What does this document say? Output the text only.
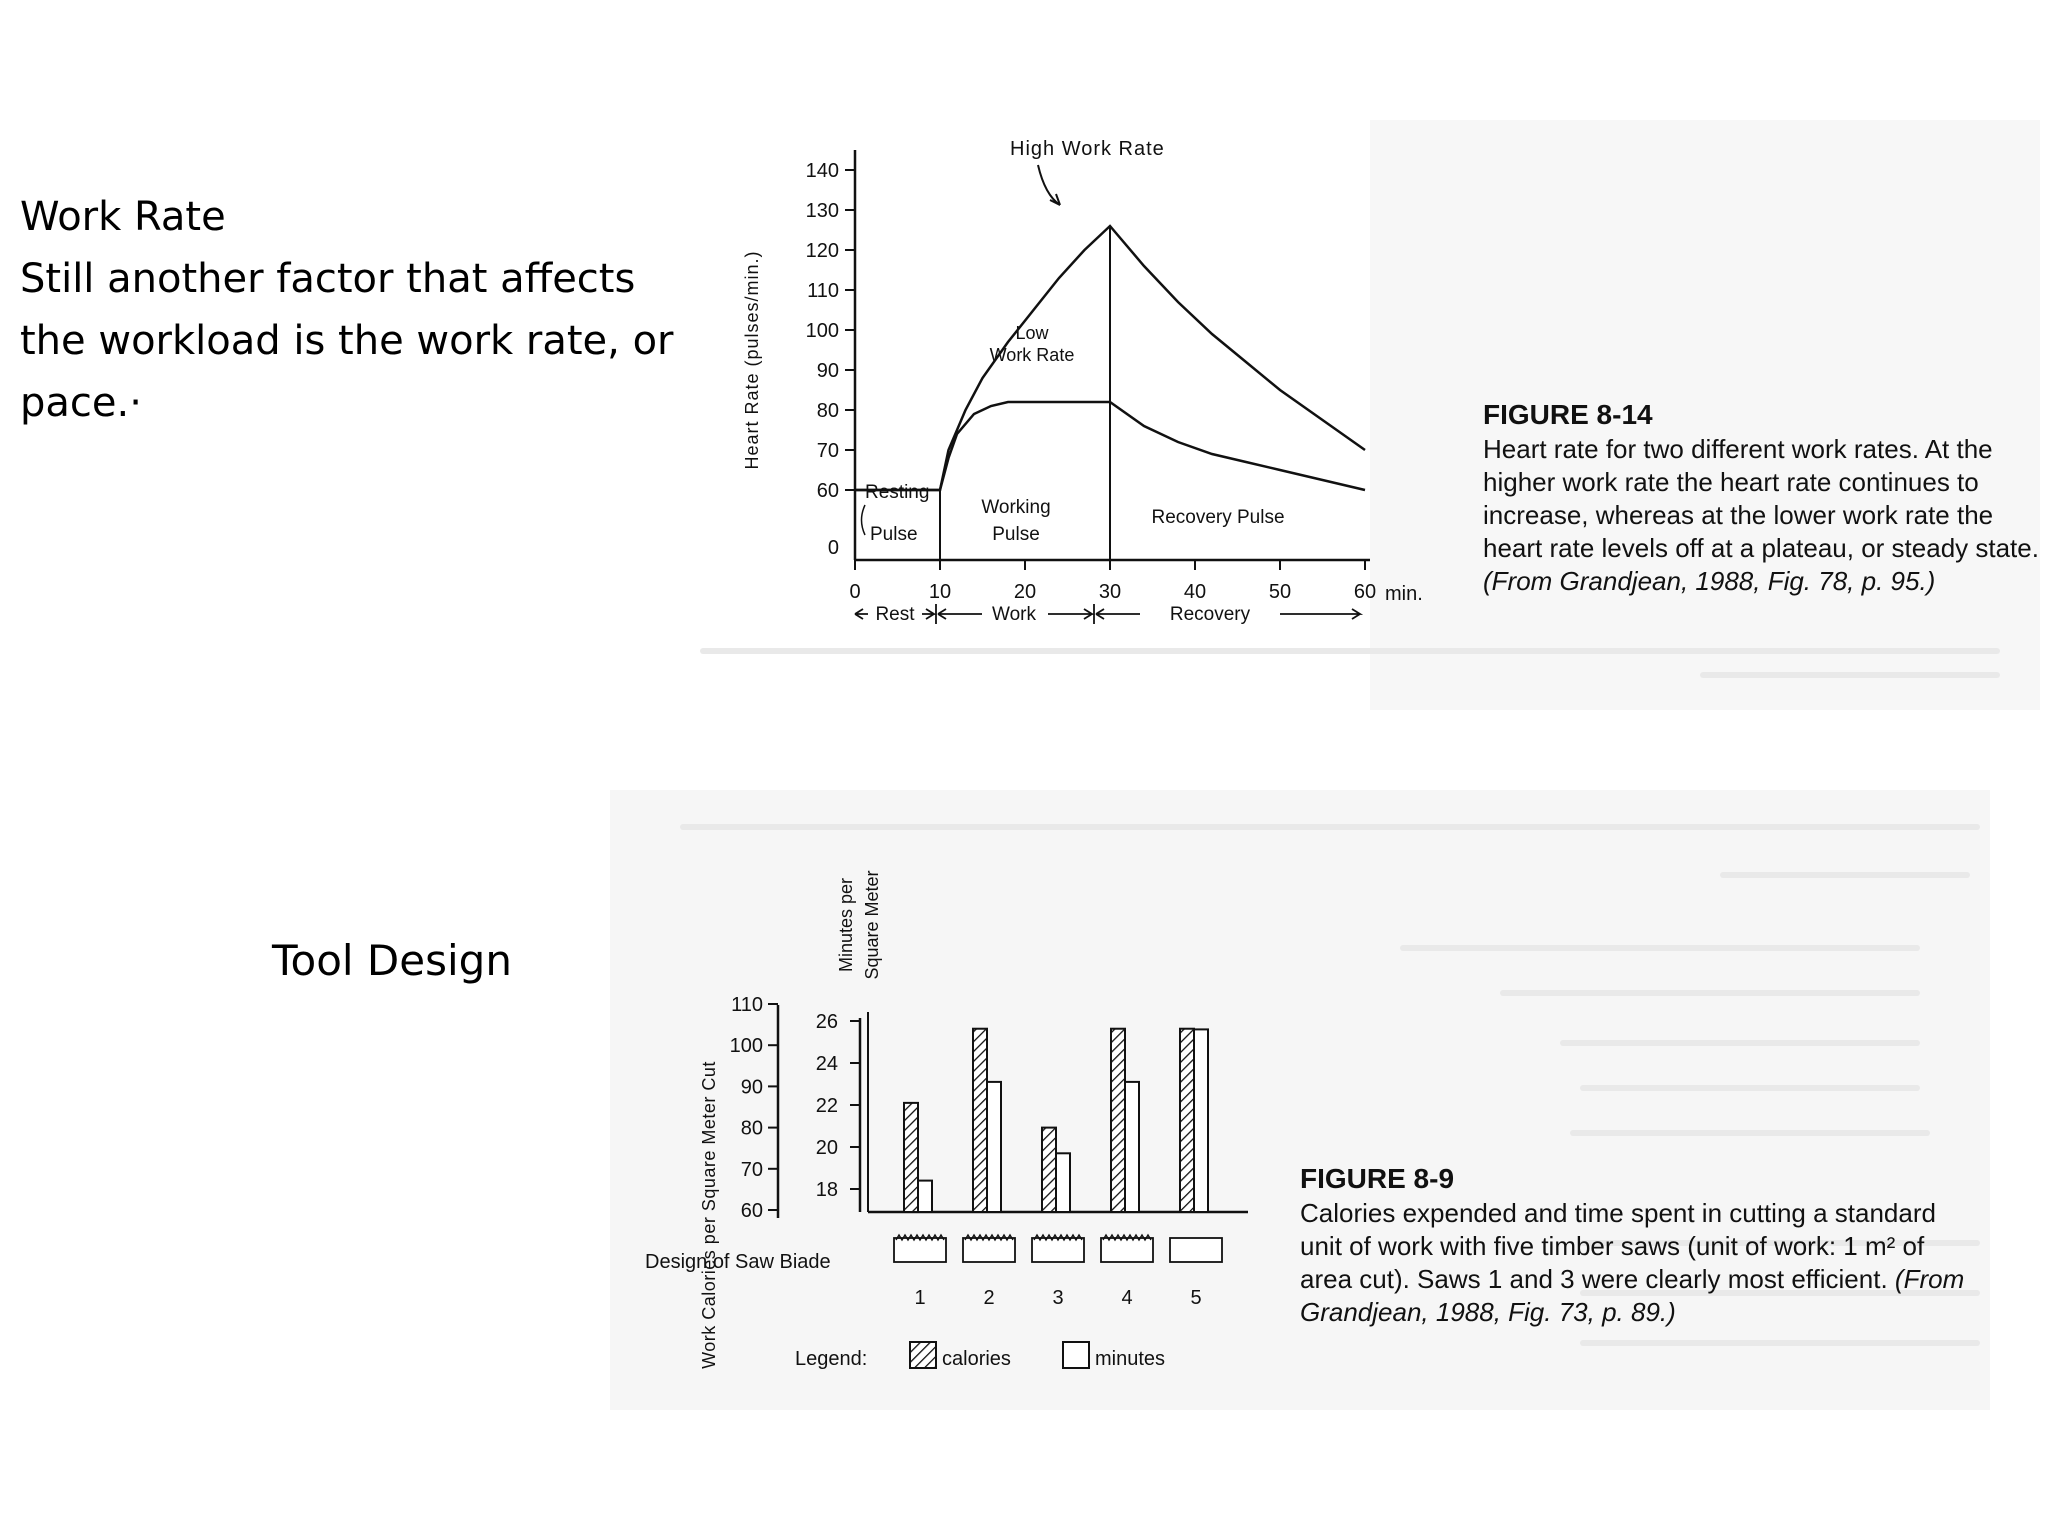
Work Rate
Still another factor that affects
the workload is the work rate, or
pace.·
Tool Design
0
60
70
80
90
100
110
120
130
140
0	10	20	30	40	50	60
Heart Rate (pulses/min.)
min.
High Work Rate
Low
Work Rate
Resting
Pulse
Working
Pulse
Recovery Pulse
Rest	Work	Recovery
FIGURE 8-14
Heart rate for two different work rates. At the higher work rate the heart rate continues to increase, whereas at the lower work rate the heart rate levels off at a plateau, or steady state. (From Grandjean, 1988, Fig. 78, p. 95.)
Work Calories per Square Meter Cut
Minutes per Square Meter
60
70
80
90
100
110
18
20
22
24
26
1	2	3	4	5
Design of Saw Biade
Legend:	calories	minutes
FIGURE 8-9
Calories expended and time spent in cutting a standard unit of work with five timber saws (unit of work: 1 m² of area cut). Saws 1 and 3 were clearly most efficient. (From Grandjean, 1988, Fig. 73, p. 89.)
